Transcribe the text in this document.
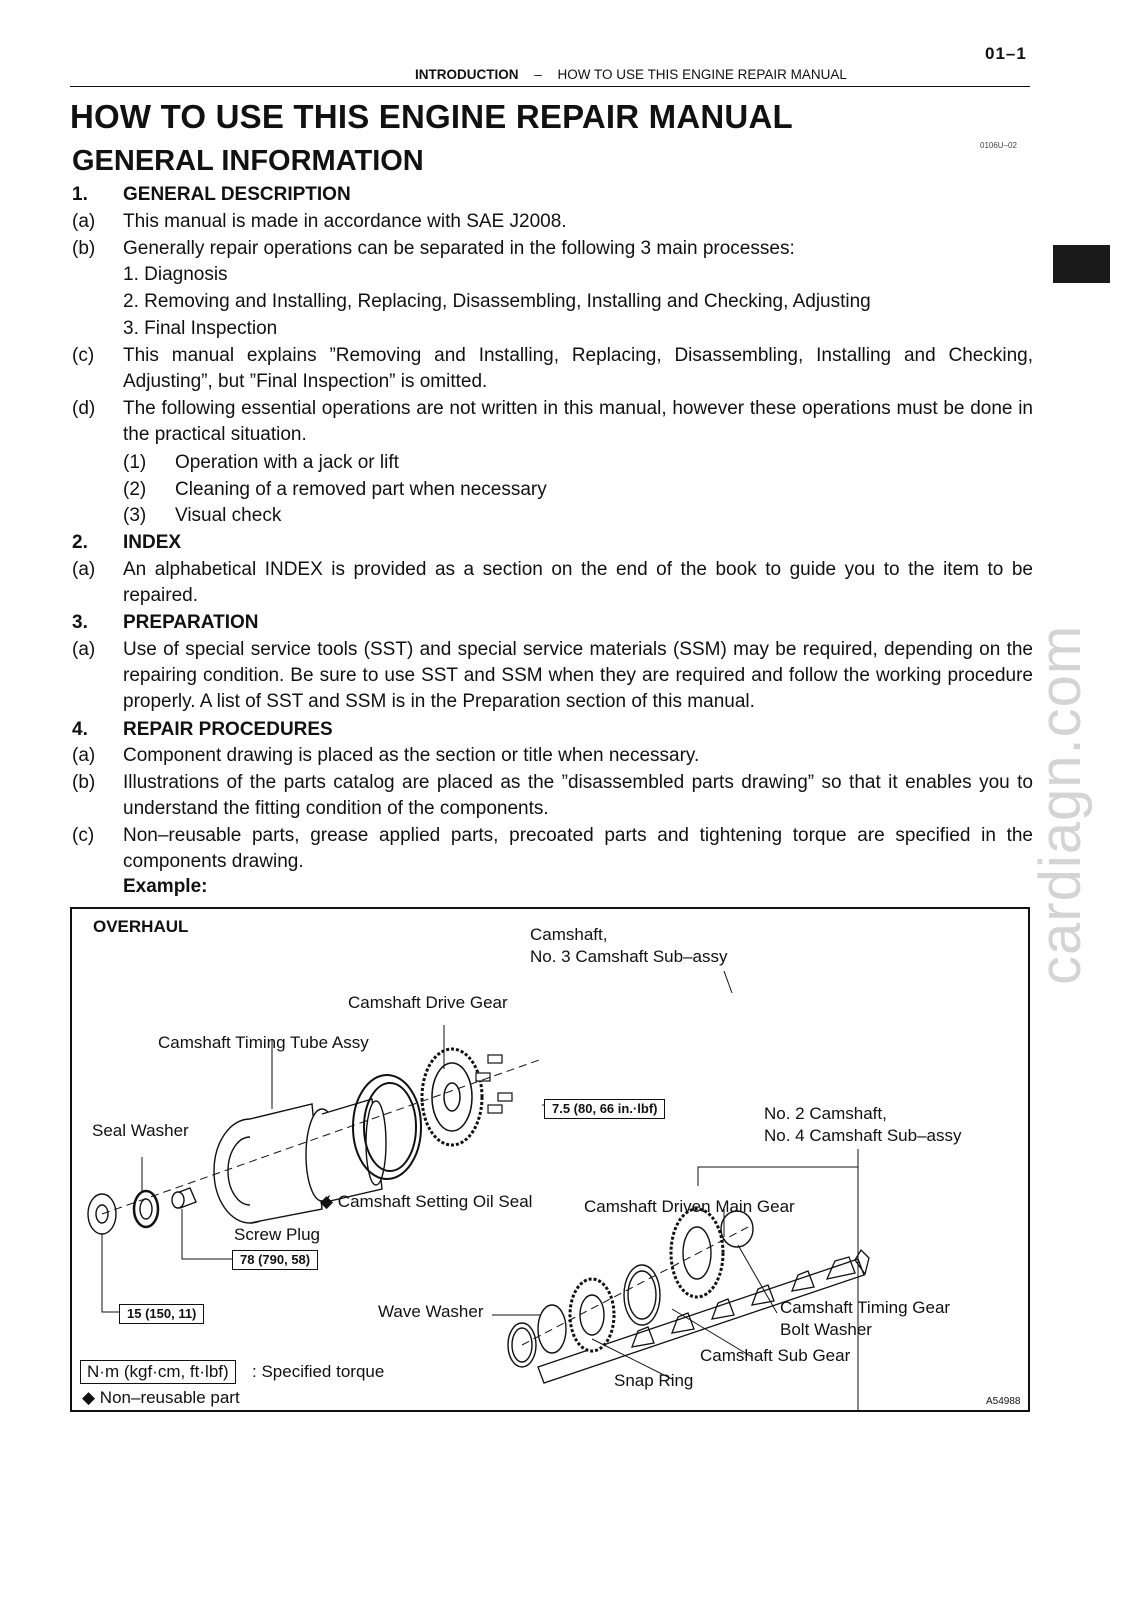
01–1
INTRODUCTION – HOW TO USE THIS ENGINE REPAIR MANUAL
HOW TO USE THIS ENGINE REPAIR MANUAL
GENERAL INFORMATION	0106U–02
cardiagn.com
1. GENERAL DESCRIPTION
(a) This manual is made in accordance with SAE J2008.
(b) Generally repair operations can be separated in the following 3 main processes:
1. Diagnosis
2. Removing and Installing, Replacing, Disassembling, Installing and Checking, Adjusting
3. Final Inspection
(c) This manual explains ”Removing and Installing, Replacing, Disassembling, Installing and Checking, Adjusting”, but ”Final Inspection” is omitted.
(d) The following essential operations are not written in this manual, however these operations must be done in the practical situation.
(1) Operation with a jack or lift
(2) Cleaning of a removed part when necessary
(3) Visual check
2. INDEX
(a) An alphabetical INDEX is provided as a section on the end of the book to guide you to the item to be repaired.
3. PREPARATION
(a) Use of special service tools (SST) and special service materials (SSM) may be required, depending on the repairing condition. Be sure to use SST and SSM when they are required and follow the working procedure properly. A list of SST and SSM is in the Preparation section of this manual.
4. REPAIR PROCEDURES
(a) Component drawing is placed as the section or title when necessary.
(b) Illustrations of the parts catalog are placed as the ”disassembled parts drawing” so that it enables you to understand the fitting condition of the components.
(c) Non–reusable parts, grease applied parts, precoated parts and tightening torque are specified in the components drawing.
Example:
OVERHAUL	Camshaft,
No. 3 Camshaft Sub–assy
Camshaft Drive Gear
Camshaft Timing Tube Assy
Seal Washer
No. 2 Camshaft,
No. 4 Camshaft Sub–assy
◆ Camshaft Setting Oil Seal	Camshaft Driven Main Gear
Screw Plug
Wave Washer	Camshaft Timing Gear
Bolt Washer
Camshaft Sub Gear
Snap Ring
7.5 (80, 66 in.·lbf)
78 (790, 58)
15 (150, 11)
N·m (kgf·cm, ft·lbf)	: Specified torque
◆ Non–reusable part	A54988
